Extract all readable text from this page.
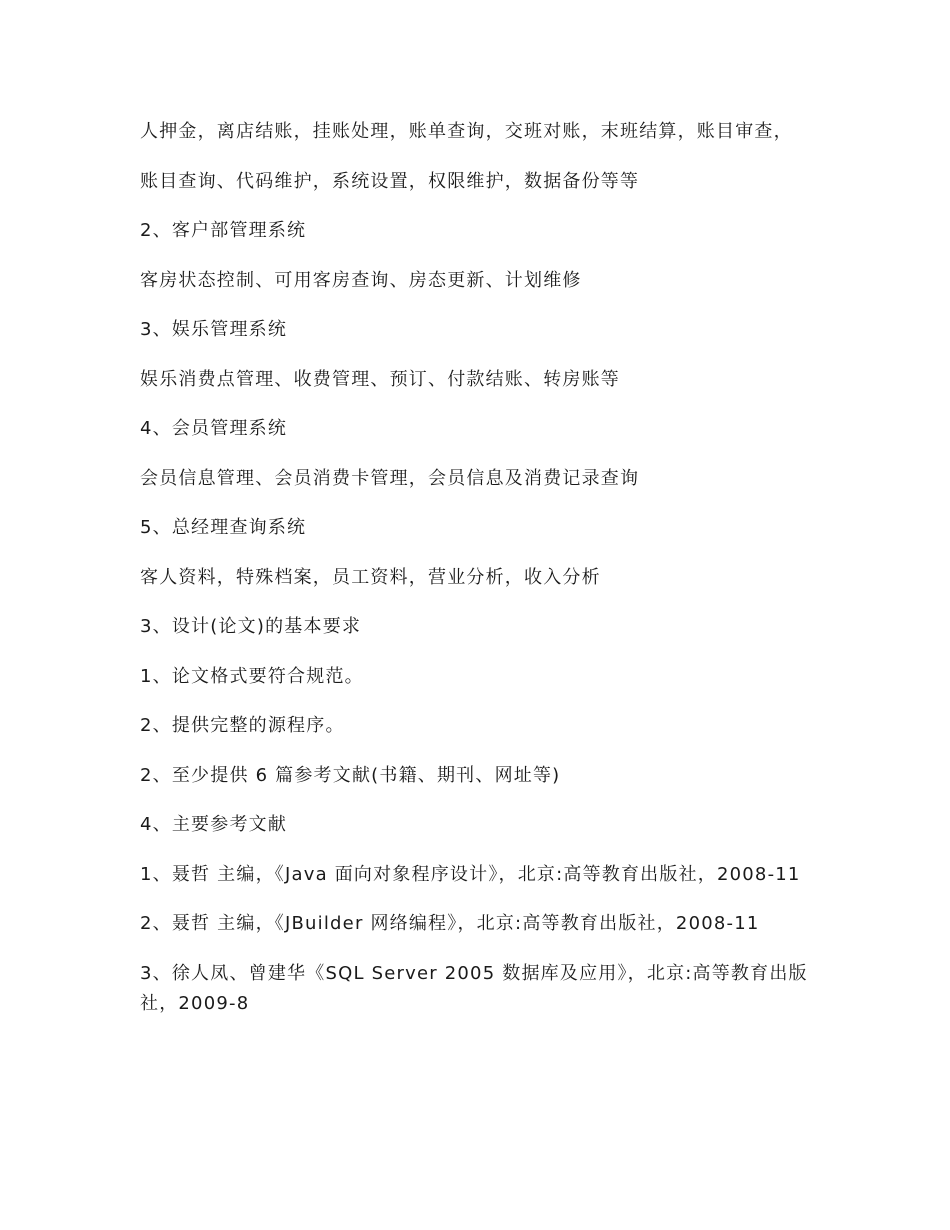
人押金，离店结账，挂账处理，账单查询，交班对账，末班结算，账目审查，

账目查询、代码维护，系统设置，权限维护，数据备份等等

2、客户部管理系统

客房状态控制、可用客房查询、房态更新、计划维修

3、娱乐管理系统

娱乐消费点管理、收费管理、预订、付款结账、转房账等

4、会员管理系统

会员信息管理、会员消费卡管理，会员信息及消费记录查询

5、总经理查询系统

客人资料，特殊档案，员工资料，营业分析，收入分析

3、设计(论文)的基本要求

1、论文格式要符合规范。

2、提供完整的源程序。

2、至少提供 6 篇参考文献(书籍、期刊、网址等)

4、主要参考文献

1、聂哲 主编，《Java 面向对象程序设计》，北京:高等教育出版社，2008-11

2、聂哲 主编，《JBuilder 网络编程》，北京:高等教育出版社，2008-11

3、徐人凤、曾建华《SQL Server 2005 数据库及应用》，北京:高等教育出版社，2009-8
